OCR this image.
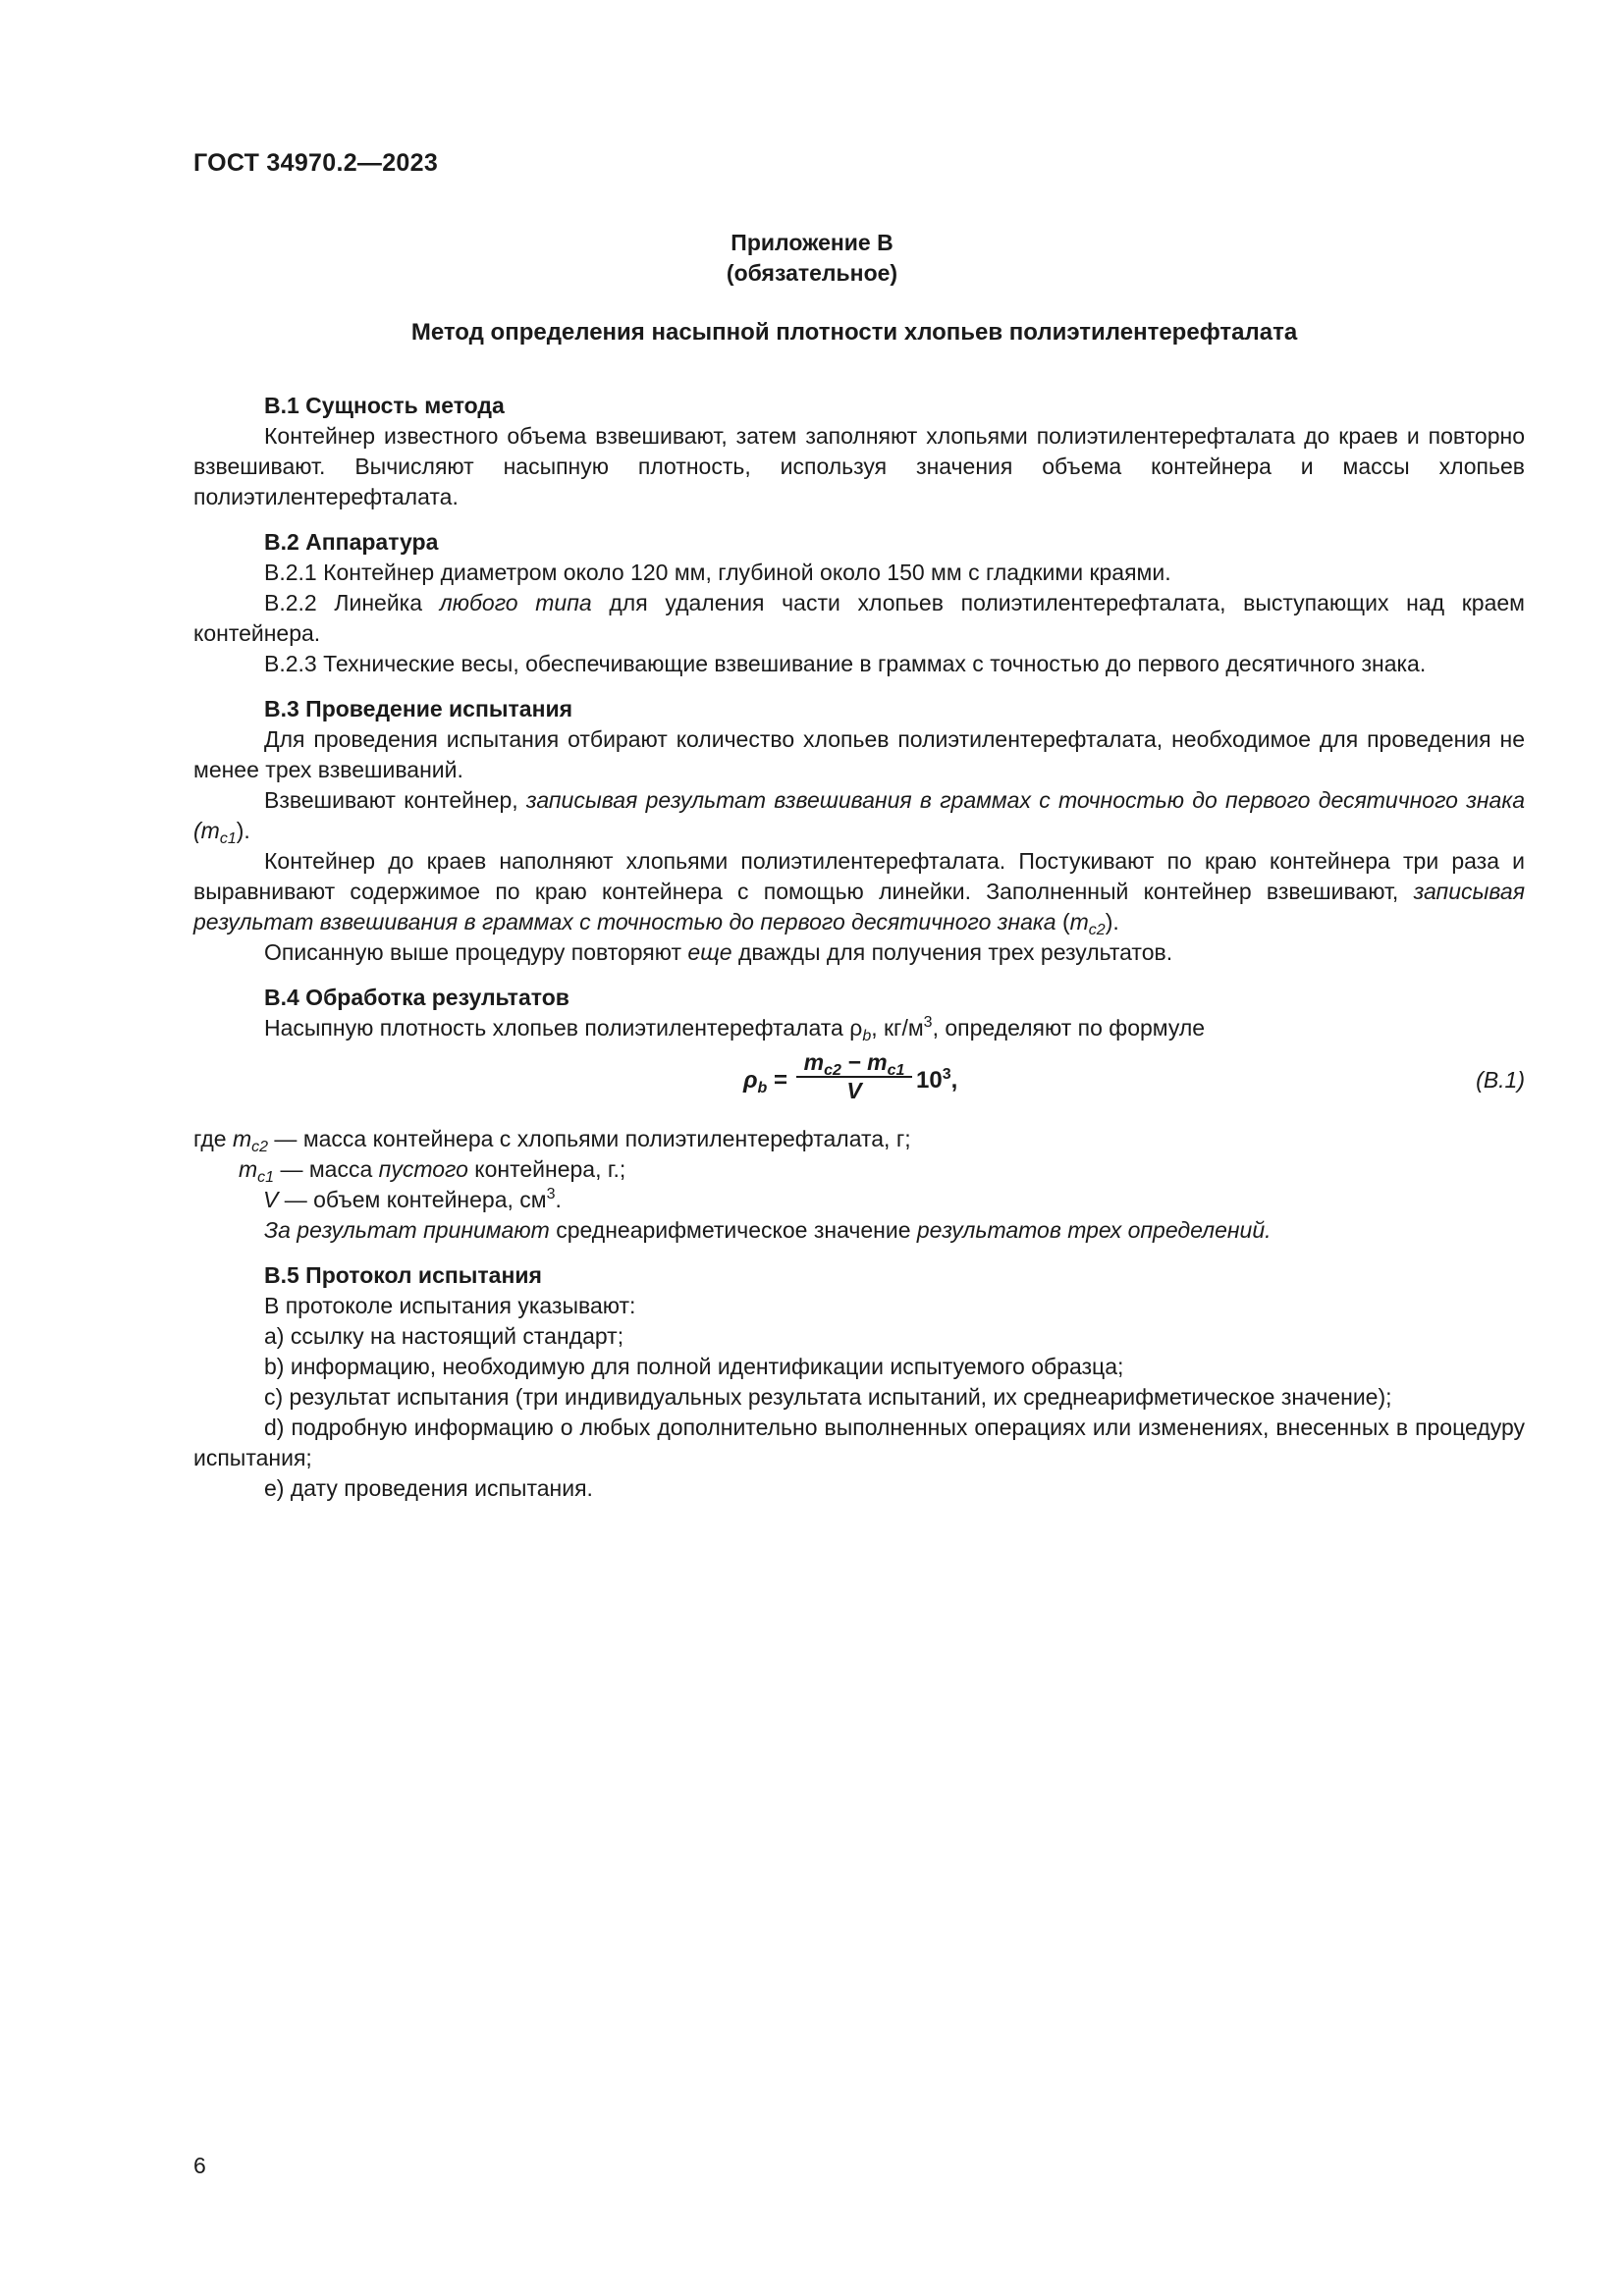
ГОСТ 34970.2—2023
Приложение В
(обязательное)
Метод определения насыпной плотности хлопьев полиэтилентерефталата

В.1 Сущность метода

Контейнер известного объема взвешивают, затем заполняют хлопьями полиэтилентерефталата до краев и повторно взвешивают. Вычисляют насыпную плотность, используя значения объема контейнера и массы хлопьев полиэтилентерефталата.

В.2 Аппаратура

В.2.1 Контейнер диаметром около 120 мм, глубиной около 150 мм с гладкими краями.

В.2.2 Линейка любого типа для удаления части хлопьев полиэтилентерефталата, выступающих над краем контейнера.

В.2.3 Технические весы, обеспечивающие взвешивание в граммах с точностью до первого десятичного знака.

В.3 Проведение испытания

Для проведения испытания отбирают количество хлопьев полиэтилентерефталата, необходимое для проведения не менее трех взвешиваний.

Взвешивают контейнер, записывая результат взвешивания в граммах с точностью до первого десятичного знака $(m_{c1})$.

Контейнер до краев наполняют хлопьями полиэтилентерефталата. Постукивают по краю контейнера три раза и выравнивают содержимое по краю контейнера с помощью линейки. Заполненный контейнер взвешивают, записывая результат взвешивания в граммах с точностью до первого десятичного знака $(m_{c2})$.

Описанную выше процедуру повторяют еще дважды для получения трех результатов.

В.4 Обработка результатов

Насыпную плотность хлопьев полиэтилентерефталата $\rho_b$, $кг/м^3$, определяют по формуле

$\rho_b = \frac{m_{c2} - m_{c1}}{V} 10^3$,	(В.1)

где $m_{c2}$ — масса контейнера с хлопьями полиэтилентерефталата, г;

$m_{c1}$ — масса пустого контейнера, г.;

V — объем контейнера, $см^3$.

За результат принимают среднеарифметическое значение результатов трех определений.

В.5 Протокол испытания

В протоколе испытания указывают:

а) ссылку на настоящий стандарт;

b) информацию, необходимую для полной идентификации испытуемого образца;

с) результат испытания (три индивидуальных результата испытаний, их среднеарифметическое значение);

d) подробную информацию о любых дополнительно выполненных операциях или изменениях, внесенных в процедуру испытания;

е) дату проведения испытания.

6
